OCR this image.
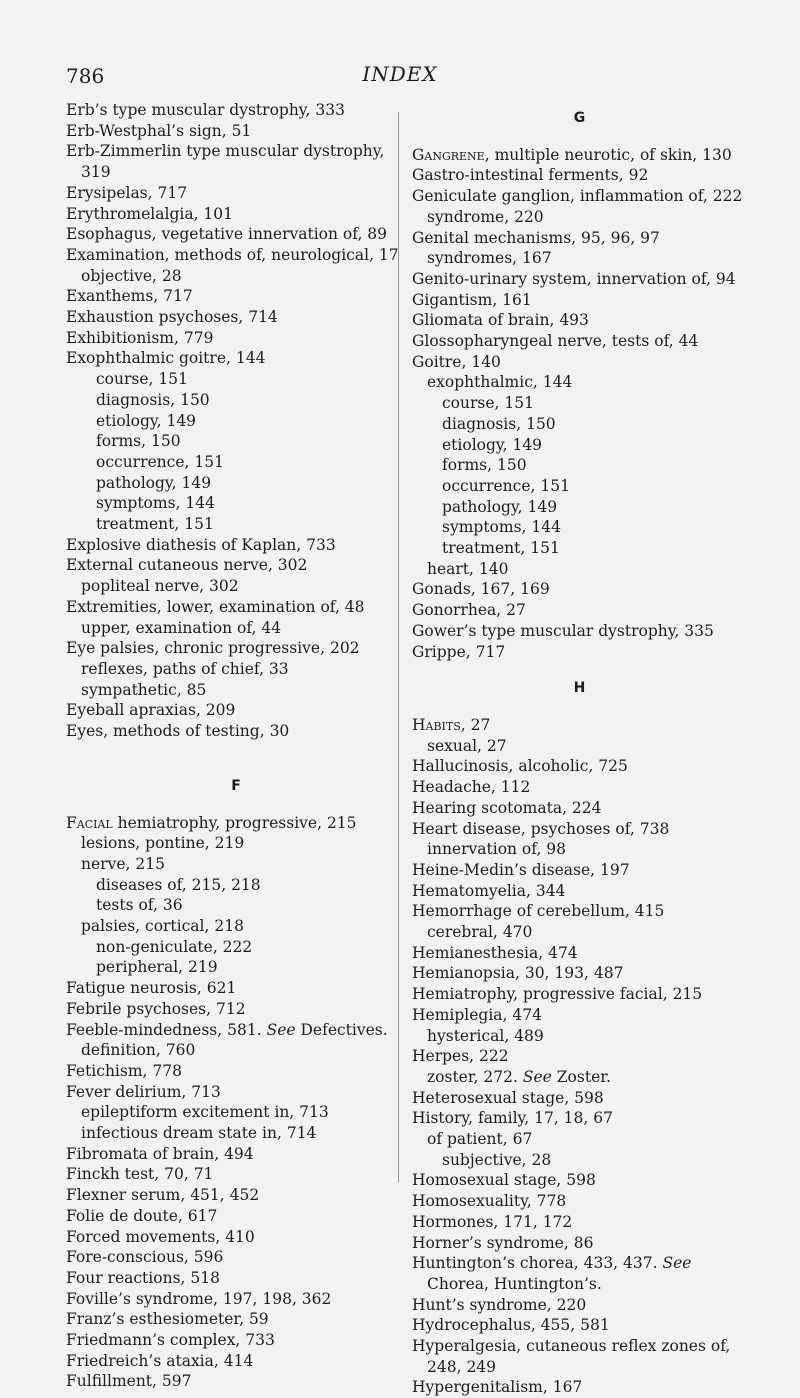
786	INDEX

Erb’s type muscular dystrophy, 333

Erb-Westphal’s sign, 51

Erb-Zimmerlin type muscular dystrophy, 319

Erysipelas, 717

Erythromelalgia, 101

Esophagus, vegetative innervation of, 89

Examination, methods of, neurological, 17

objective, 28

Exanthems, 717

Exhaustion psychoses, 714

Exhibitionism, 779

Exophthalmic goitre, 144

course, 151

diagnosis, 150

etiology, 149

forms, 150

occurrence, 151

pathology, 149

symptoms, 144

treatment, 151

Explosive diathesis of Kaplan, 733

External cutaneous nerve, 302

popliteal nerve, 302

Extremities, lower, examination of, 48

upper, examination of, 44

Eye palsies, chronic progressive, 202

reflexes, paths of chief, 33

sympathetic, 85

Eyeball apraxias, 209

Eyes, methods of testing, 30

F

Facial hemiatrophy, progressive, 215

lesions, pontine, 219

nerve, 215

diseases of, 215, 218

tests of, 36

palsies, cortical, 218

non-geniculate, 222

peripheral, 219

Fatigue neurosis, 621

Febrile psychoses, 712

Feeble-mindedness, 581. See Defectives.

definition, 760

Fetichism, 778

Fever delirium, 713

epileptiform excitement in, 713

infectious dream state in, 714

Fibromata of brain, 494

Finckh test, 70, 71

Flexner serum, 451, 452

Folie de doute, 617

Forced movements, 410

Fore-conscious, 596

Four reactions, 518

Foville’s syndrome, 197, 198, 362

Franz’s esthesiometer, 59

Friedmann’s complex, 733

Friedreich’s ataxia, 414

Fulfillment, 597

G

Gangrene, multiple neurotic, of skin, 130

Gastro-intestinal ferments, 92

Geniculate ganglion, inflammation of, 222

syndrome, 220

Genital mechanisms, 95, 96, 97

syndromes, 167

Genito-urinary system, innervation of, 94

Gigantism, 161

Gliomata of brain, 493

Glossopharyngeal nerve, tests of, 44

Goitre, 140

exophthalmic, 144

course, 151

diagnosis, 150

etiology, 149

forms, 150

occurrence, 151

pathology, 149

symptoms, 144

treatment, 151

heart, 140

Gonads, 167, 169

Gonorrhea, 27

Gower’s type muscular dystrophy, 335

Grippe, 717

H

Habits, 27

sexual, 27

Hallucinosis, alcoholic, 725

Headache, 112

Hearing scotomata, 224

Heart disease, psychoses of, 738

innervation of, 98

Heine-Medin’s disease, 197

Hematomyelia, 344

Hemorrhage of cerebellum, 415

cerebral, 470

Hemianesthesia, 474

Hemianopsia, 30, 193, 487

Hemiatrophy, progressive facial, 215

Hemiplegia, 474

hysterical, 489

Herpes, 222

zoster, 272. See Zoster.

Heterosexual stage, 598

History, family, 17, 18, 67

of patient, 67

subjective, 28

Homosexual stage, 598

Homosexuality, 778

Hormones, 171, 172

Horner’s syndrome, 86

Huntington’s chorea, 433, 437. See Chorea, Huntington’s.

Hunt’s syndrome, 220

Hydrocephalus, 455, 581

Hyperalgesia, cutaneous reflex zones of, 248, 249

Hypergenitalism, 167
